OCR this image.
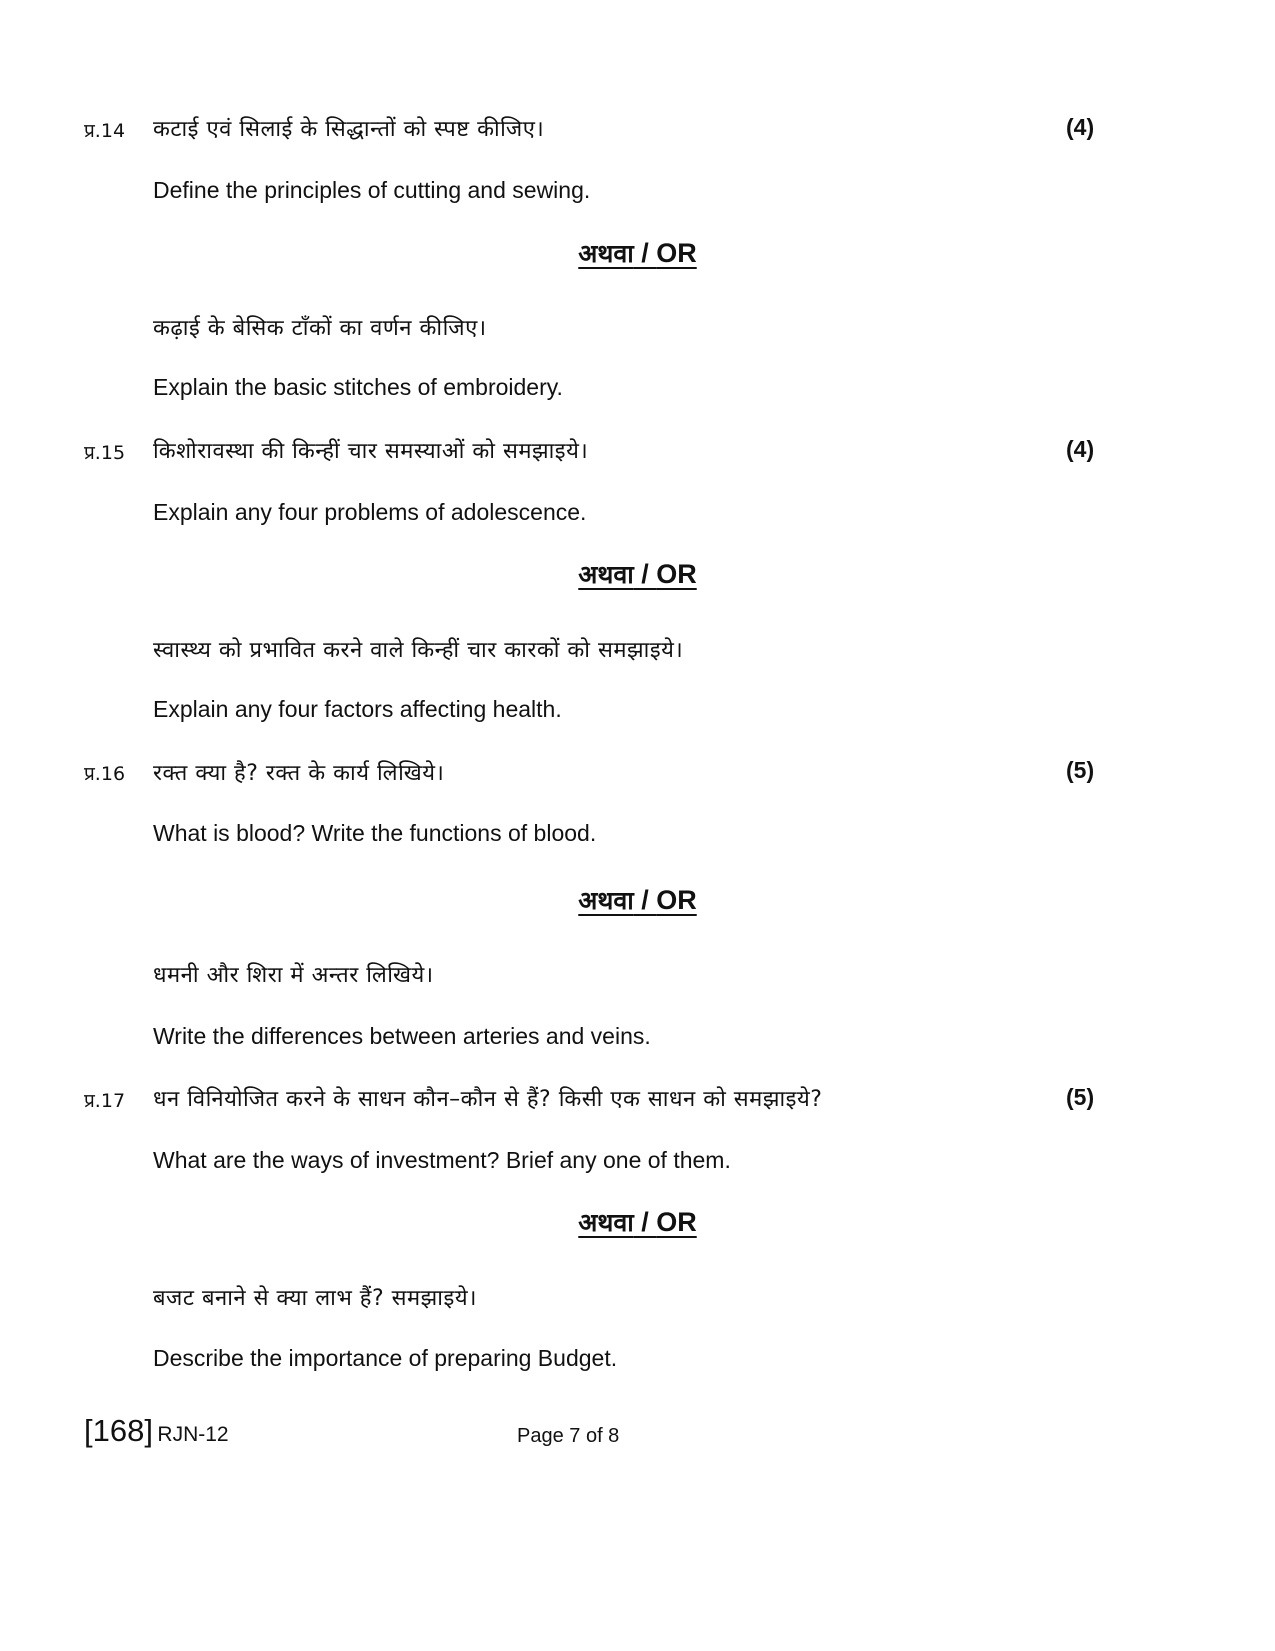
प्र.14 कटाई एवं सिलाई के सिद्धान्तों को स्पष्ट कीजिए।	(4)
Define the principles of cutting and sewing.
अथवा / OR
कढ़ाई के बेसिक टाँकों का वर्णन कीजिए।
Explain the basic stitches of embroidery.
प्र.15 किशोरावस्था की किन्हीं चार समस्याओं को समझाइये।	(4)
Explain any four problems of adolescence.
अथवा / OR
स्वास्थ्य को प्रभावित करने वाले किन्हीं चार कारकों को समझाइये।
Explain any four factors affecting health.
प्र.16 रक्त क्या है? रक्त के कार्य लिखिये।	(5)
What is blood? Write the functions of blood.
अथवा / OR
धमनी और शिरा में अन्तर लिखिये।
Write the differences between arteries and veins.
प्र.17 धन विनियोजित करने के साधन कौन–कौन से हैं? किसी एक साधन को समझाइये?	(5)
What are the ways of investment? Brief any one of them.
अथवा / OR
बजट बनाने से क्या लाभ हैं? समझाइये।
Describe the importance of preparing Budget.
[168] RJN-12	Page 7 of 8
